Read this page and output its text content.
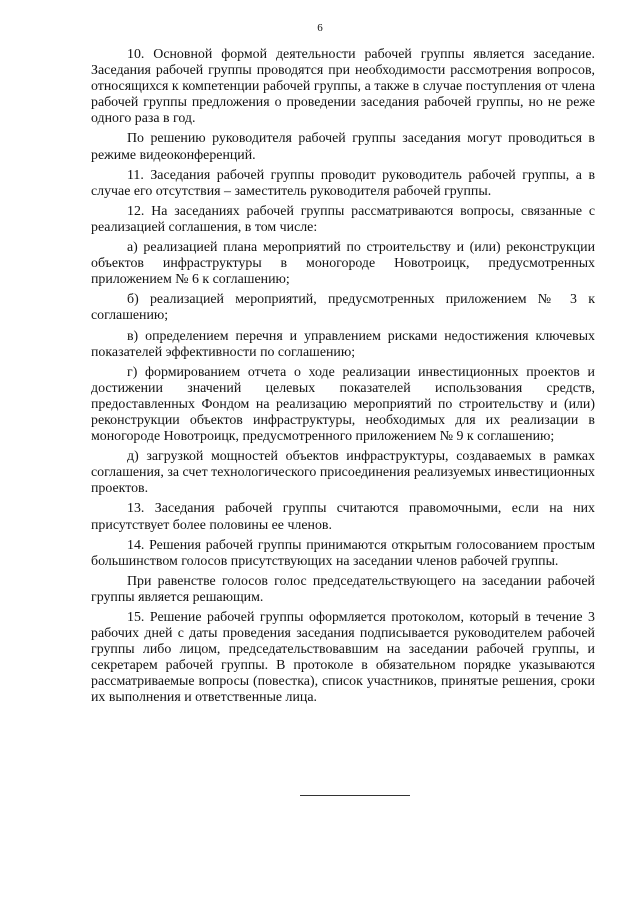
6

10. Основной формой деятельности рабочей группы является заседание. Заседания рабочей группы проводятся при необходимости рассмотрения вопросов, относящихся к компетенции рабочей группы, а также в случае поступления от члена рабочей группы предложения о проведении заседания рабочей группы, но не реже одного раза в год.

По решению руководителя рабочей группы заседания могут проводиться в режиме видеоконференций.

11. Заседания рабочей группы проводит руководитель рабочей группы, а в случае его отсутствия – заместитель руководителя рабочей группы.

12. На заседаниях рабочей группы рассматриваются вопросы, связанные с реализацией соглашения, в том числе:

а) реализацией плана мероприятий по строительству и (или) реконструкции объектов инфраструктуры в моногороде Новотроицк, предусмотренных приложением № 6 к соглашению;

б) реализацией мероприятий, предусмотренных приложением № 3 к соглашению;

в) определением перечня и управлением рисками недостижения ключевых показателей эффективности по соглашению;

г) формированием отчета о ходе реализации инвестиционных проектов и достижении значений целевых показателей использования средств, предоставленных Фондом на реализацию мероприятий по строительству и (или) реконструкции объектов инфраструктуры, необходимых для их реализации в моногороде Новотроицк, предусмотренного приложением № 9 к соглашению;

д) загрузкой мощностей объектов инфраструктуры, создаваемых в рамках соглашения, за счет технологического присоединения реализуемых инвестиционных проектов.

13. Заседания рабочей группы считаются правомочными, если на них присутствует более половины ее членов.

14. Решения рабочей группы принимаются открытым голосованием простым большинством голосов присутствующих на заседании членов рабочей группы.

При равенстве голосов голос председательствующего на заседании рабочей группы является решающим.

15. Решение рабочей группы оформляется протоколом, который в течение 3 рабочих дней с даты проведения заседания подписывается руководителем рабочей группы либо лицом, председательствовавшим на заседании рабочей группы, и секретарем рабочей группы. В протоколе в обязательном порядке указываются рассматриваемые вопросы (повестка), список участников, принятые решения, сроки их выполнения и ответственные лица.
